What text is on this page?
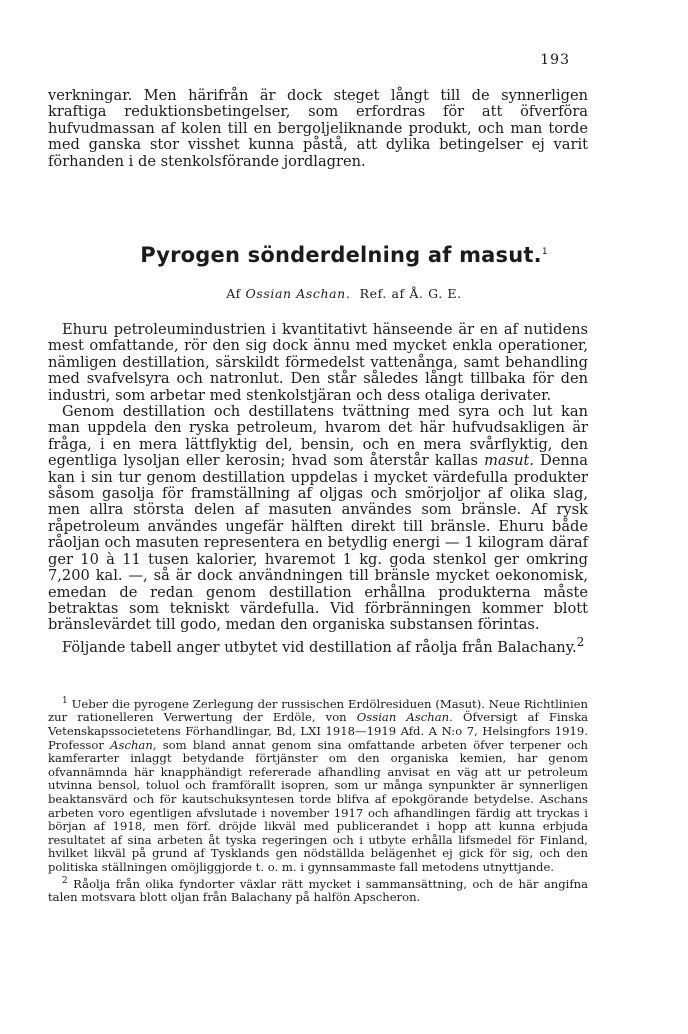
193

verkningar. Men härifrån är dock steget långt till de synnerligen kraftiga reduktionsbetingelser, som erfordras för att öfverföra hufvudmassan af kolen till en bergoljeliknande produkt, och man torde med ganska stor visshet kunna påstå, att dylika betingelser ej varit förhanden i de stenkolsförande jordlagren.

Pyrogen sönderdelning af masut.$^1$
Af Ossian Aschan. Ref. af Å. G. E.

Ehuru petroleumindustrien i kvantitativt hänseende är en af nutidens mest omfattande, rör den sig dock ännu med mycket enkla operationer, nämligen destillation, särskildt förmedelst vattenånga, samt behandling med svafvelsyra och natronlut. Den står således långt tillbaka för den industri, som arbetar med stenkolstjäran och dess otaliga derivater.

Genom destillation och destillatens tvättning med syra och lut kan man uppdela den ryska petroleum, hvarom det här hufvudsakligen är fråga, i en mera lättflyktig del, bensin, och en mera svårflyktig, den egentliga lysoljan eller kerosin; hvad som återstår kallas masut. Denna kan i sin tur genom destillation uppdelas i mycket värdefulla produkter såsom gasolja för framställning af oljgas och smörjoljor af olika slag, men allra största delen af masuten användes som bränsle. Af rysk råpetroleum användes ungefär hälften direkt till bränsle. Ehuru både råoljan och masuten representera en betydlig energi — 1 kilogram däraf ger 10 à 11 tusen kalorier, hvaremot 1 kg. goda stenkol ger omkring 7,200 kal. —, så är dock användningen till bränsle mycket oekonomisk, emedan de redan genom destillation erhållna produkterna måste betraktas som tekniskt värdefulla. Vid förbränningen kommer blott bränslevärdet till godo, medan den organiska substansen förintas.

Följande tabell anger utbytet vid destillation af råolja från Balachany.$^2$

$^1$ Ueber die pyrogene Zerlegung der russischen Erdölresiduen (Masut). Neue Richtlinien zur rationelleren Verwertung der Erdöle, von Ossian Aschan. Öfversigt af Finska Vetenskapssocietetens Förhandlingar, Bd, LXI 1918—1919 Afd. A N:o 7, Helsingfors 1919. Professor Aschan, som bland annat genom sina omfattande arbeten öfver terpener och kamferarter inlaggt betydande förtjänster om den organiska kemien, har genom ofvannämnda här knapphändigt refererade afhandling anvisat en väg att ur petroleum utvinna bensol, toluol och framförallt isopren, som ur många synpunkter är synnerligen beaktansvärd och för kautschuksyntesen torde blifva af epokgörande betydelse. Aschans arbeten voro egentligen afvslutade i november 1917 och afhandlingen färdig att tryckas i början af 1918, men förf. dröjde likväl med publicerandet i hopp att kunna erbjuda resultatet af sina arbeten åt tyska regeringen och i utbyte erhålla lifsmedel för Finland, hvilket likväl på grund af Tysklands gen nödställda belägenhet ej gick för sig, och den politiska ställningen omöjliggjorde t. o. m. i gynnsammaste fall metodens utnyttjande.

$^2$ Råolja från olika fyndorter växlar rätt mycket i sammansättning, och de här angifna talen motsvara blott oljan från Balachany på halfön Apscheron.
